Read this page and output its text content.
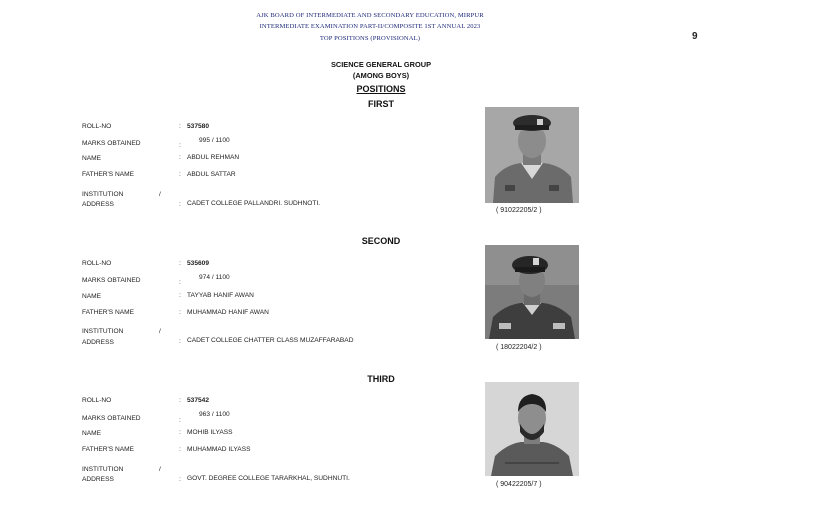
AJK BOARD OF INTERMEDIATE AND SECONDARY EDUCATION, MIRPUR
INTERMEDIATE EXAMINATION PART-II/COMPOSITE 1ST ANNUAL 2023
TOP POSITIONS (PROVISIONAL)	9
SCIENCE GENERAL GROUP
(AMONG BOYS)
POSITIONS
FIRST
ROLL-NO	: 537580
MARKS OBTAINED	:
995 / 1100
NAME	: ABDUL REHMAN
FATHER'S NAME	: ABDUL SATTAR
INSTITUTION	/
ADDRESS	: CADET COLLEGE PALLANDRI. SUDHNOTI.
( 91022205/2 )
SECOND
ROLL-NO	: 535609
MARKS OBTAINED	:
974 / 1100
NAME	: TAYYAB HANIF AWAN
FATHER'S NAME	: MUHAMMAD HANIF AWAN
INSTITUTION	/
ADDRESS	: CADET COLLEGE CHATTER CLASS MUZAFFARABAD
( 18022204/2 )
THIRD
ROLL-NO	: 537542
MARKS OBTAINED	:
963 / 1100
NAME	: MOHIB ILYASS
FATHER'S NAME	: MUHAMMAD ILYASS
INSTITUTION	/
ADDRESS	: GOVT. DEGREE COLLEGE TARARKHAL, SUDHNUTI.
( 90422205/7 )
